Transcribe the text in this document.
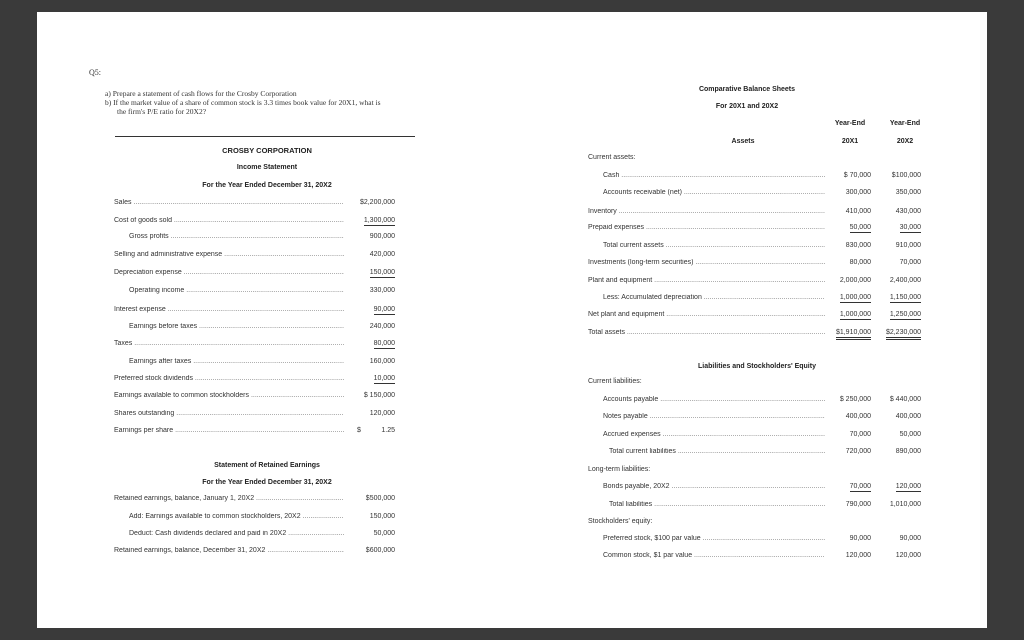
Q5:
a) Prepare a statement of cash flows for the Crosby Corporation
b) If the market value of a share of common stock is 3.3 times book value for 20X1, what is
the firm's P/E ratio for 20X2?
CROSBY CORPORATION
Income Statement
For the Year Ended December 31, 20X2
Sales .....	$2,200,000
Cost of goods sold .....	1,300,000
Gross profits .....	900,000
Selling and administrative expense .....	420,000
Depreciation expense .....	150,000
Operating income .....	330,000
Interest expense .....	90,000
Earnings before taxes .....	240,000
Taxes .....	80,000
Earnings after taxes .....	160,000
Preferred stock dividends .....	10,000
Earnings available to common stockholders .....	$ 150,000
Shares outstanding .....	120,000
Earnings per share .....	$	1.25
Statement of Retained Earnings
For the Year Ended December 31, 20X2
Retained earnings, balance, January 1, 20X2 .....	$500,000
Add: Earnings available to common stockholders, 20X2 .....	150,000
Deduct: Cash dividends declared and paid in 20X2 .....	50,000
Retained earnings, balance, December 31, 20X2 .....	$600,000
Comparative Balance Sheets
For 20X1 and 20X2
Year-End	Year-End
Assets	20X1	20X2
Current assets:
Cash .....	$ 70,000	$100,000
Accounts receivable (net) .....	300,000	350,000
Inventory .....	410,000	430,000
Prepaid expenses .....	50,000	30,000
Total current assets .....	830,000	910,000
Investments (long-term securities) .....	80,000	70,000
Plant and equipment .....	2,000,000	2,400,000
Less: Accumulated depreciation .....	1,000,000	1,150,000
Net plant and equipment .....	1,000,000	1,250,000
Total assets .....	$1,910,000	$2,230,000
Liabilities and Stockholders' Equity
Current liabilities:
Accounts payable .....	$ 250,000	$ 440,000
Notes payable .....	400,000	400,000
Accrued expenses .....	70,000	50,000
Total current liabilities .....	720,000	890,000
Long-term liabilities:
Bonds payable, 20X2 .....	70,000	120,000
Total liabilities .....	790,000	1,010,000
Stockholders' equity:
Preferred stock, $100 par value .....	90,000	90,000
Common stock, $1 par value .....	120,000	120,000
